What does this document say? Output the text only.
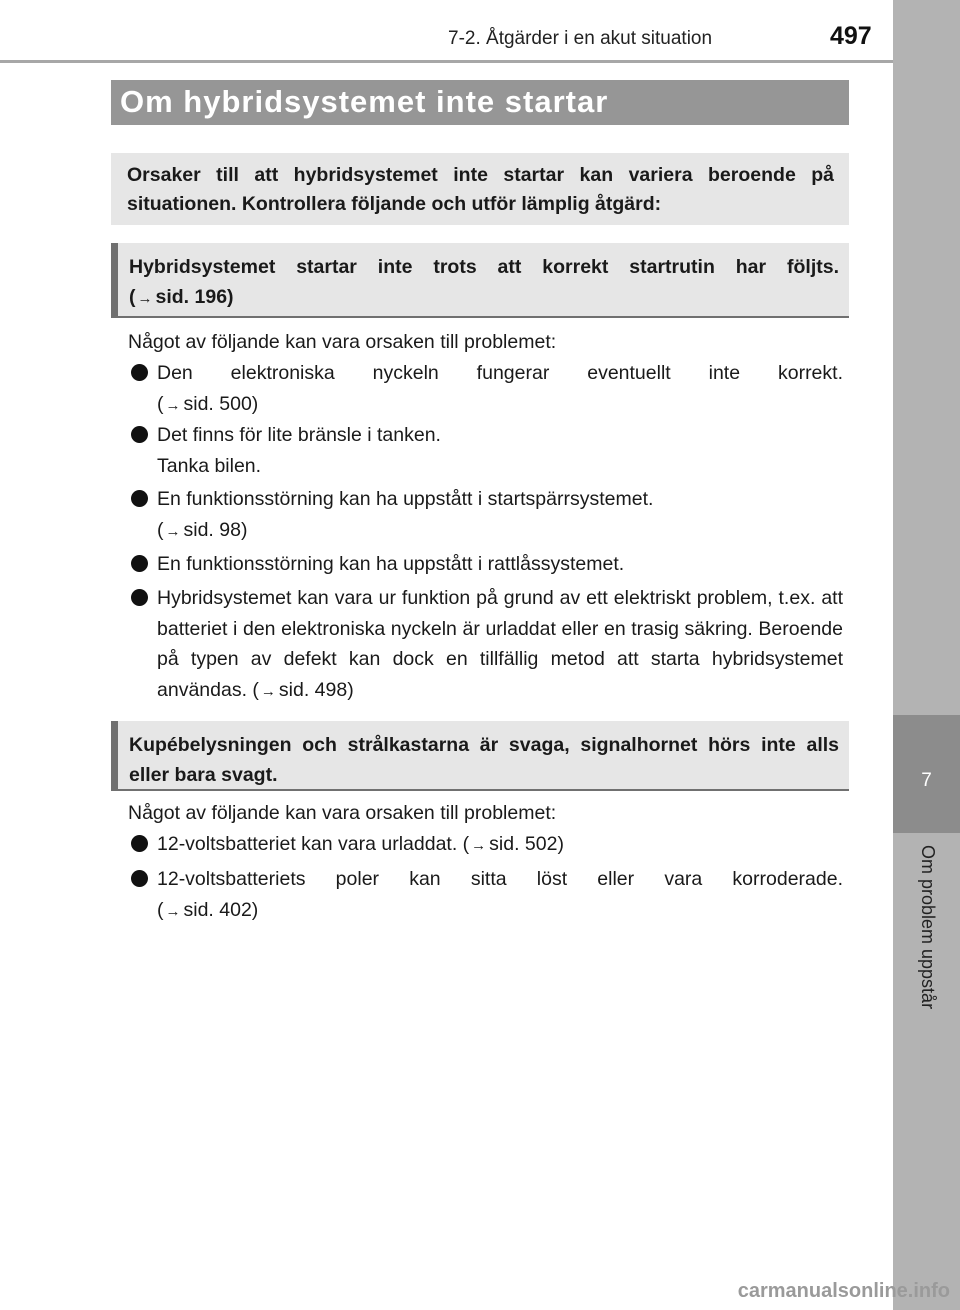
7-2. Åtgärder i en akut situation	497
7
Om problem uppstår
Om hybridsystemet inte startar
Orsaker till att hybridsystemet inte startar kan variera beroende på situationen. Kontrollera följande och utför lämplig åtgärd:
Hybridsystemet startar inte trots att korrekt startrutin har följts.
( → sid. 196)
Något av följande kan vara orsaken till problemet:
Den elektroniska nyckeln fungerar eventuellt inte korrekt.
( → sid. 500)
Det finns för lite bränsle i tanken.
Tanka bilen.
En funktionsstörning kan ha uppstått i startspärrsystemet.
( → sid. 98)
En funktionsstörning kan ha uppstått i rattlåssystemet.
Hybridsystemet kan vara ur funktion på grund av ett elektriskt problem, t.ex. att batteriet i den elektroniska nyckeln är urladdat eller en trasig säkring. Beroende på typen av defekt kan dock en tillfällig metod att starta hybridsystemet användas. ( → sid. 498)
Kupébelysningen och strålkastarna är svaga, signalhornet hörs inte alls eller bara svagt.
Något av följande kan vara orsaken till problemet:
12-voltsbatteriet kan vara urladdat. ( → sid. 502)
12-voltsbatteriets poler kan sitta löst eller vara korroderade.
( → sid. 402)
carmanualsonline.info
